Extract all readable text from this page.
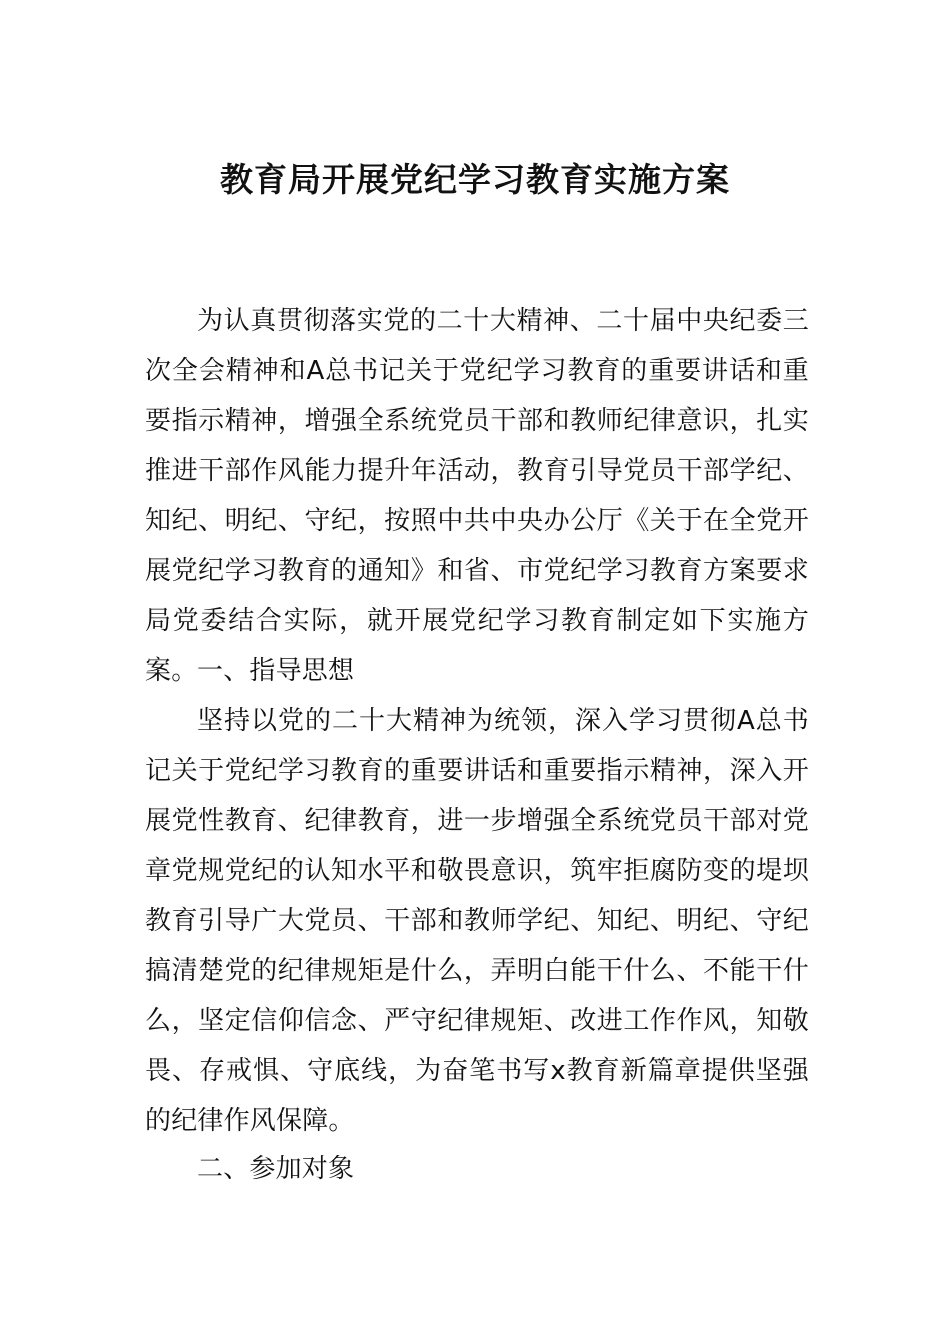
教育局开展党纪学习教育实施方案

为认真贯彻落实党的二十大精神、二十届中央纪委三次全会精神和A总书记关于党纪学习教育的重要讲话和重要指示精神，增强全系统党员干部和教师纪律意识，扎实推进干部作风能力提升年活动，教育引导党员干部学纪、知纪、明纪、守纪，按照中共中央办公厅《关于在全党开展党纪学习教育的通知》和省、市党纪学习教育方案要求局党委结合实际，就开展党纪学习教育制定如下实施方案。 一、指导思想

坚持以党的二十大精神为统领，深入学习贯彻A总书记关于党纪学习教育的重要讲话和重要指示精神，深入开展党性教育、纪律教育，进一步增强全系统党员干部对党章党规党纪的认知水平和敬畏意识，筑牢拒腐防变的堤坝教育引导广大党员、干部和教师学纪、知纪、明纪、守纪搞清楚党的纪律规矩是什么，弄明白能干什么、不能干什么，坚定信仰信念、严守纪律规矩、改进工作作风，知敬畏、存戒惧、守底线，为奋笔书写x教育新篇章提供坚强的纪律作风保障。

二、参加对象
